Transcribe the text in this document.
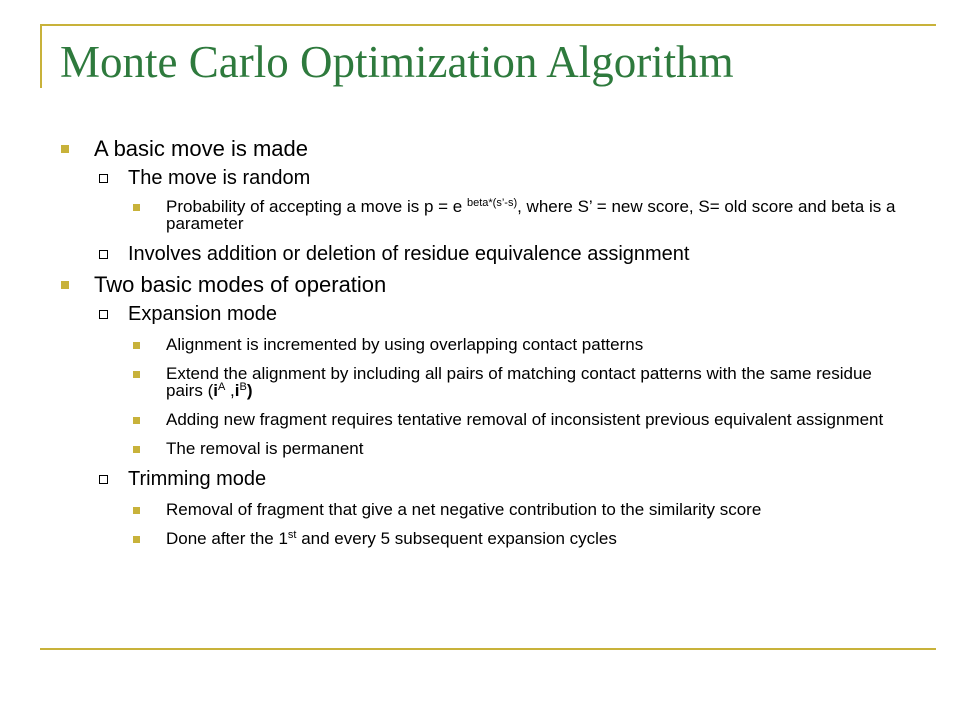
Monte Carlo Optimization Algorithm
A basic move is made
The move is random
Probability of accepting a move is p = e $^{beta*(s’-s)}$, where S’ = new score, S= old score and beta is a parameter
Involves addition or deletion of residue equivalence assignment
Two basic modes of operation
Expansion mode
Alignment is incremented by using overlapping contact patterns
Extend the alignment by including all pairs of matching contact patterns with the same residue pairs ($i^A$ $,i^B$)
Adding new fragment requires tentative removal of inconsistent previous equivalent assignment
The removal is permanent
Trimming mode
Removal of fragment that give a net negative contribution to the similarity score
Done after the 1st and every 5 subsequent expansion cycles
